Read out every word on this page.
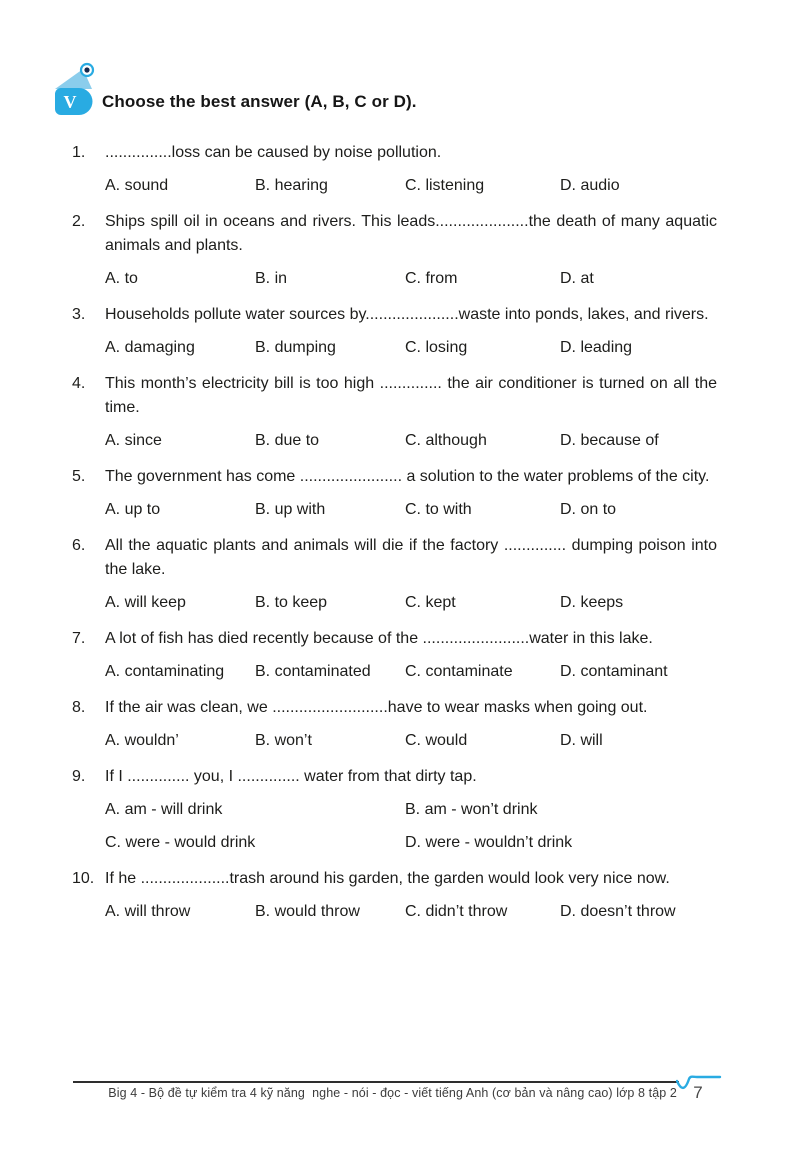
V Choose the best answer (A, B, C or D).
1.	...............loss can be caused by noise pollution.
A. sound	B. hearing	C. listening	D. audio
2.	Ships spill oil in oceans and rivers. This leads.....................the death of many aquatic animals and plants.
A. to	B. in	C. from	D. at
3.	Households pollute water sources by.....................waste into ponds, lakes, and rivers.
A. damaging	B. dumping	C. losing	D. leading
4.	This month’s electricity bill is too high .............. the air conditioner is turned on all the time.
A. since	B. due to	C. although	D. because of
5.	The government has come ....................... a solution to the water problems of the city.
A. up to	B. up with	C. to with	D. on to
6.	All the aquatic plants and animals will die if the factory .............. dumping poison into the lake.
A. will keep	B. to keep	C. kept	D. keeps
7.	A lot of fish has died recently because of the ........................water in this lake.
A. contaminating	B. contaminated	C. contaminate	D. contaminant
8.	If the air was clean, we ..........................have to wear masks when going out.
A. wouldn’	B. won’t	C. would	D. will
9.	If I .............. you, I .............. water from that dirty tap.
A. am - will drink	B. am - won’t drink
C. were - would drink	D. were - wouldn’t drink
10. If he ....................trash around his garden, the garden would look very nice now.
A. will throw	B. would throw	C. didn’t throw	D. doesn’t throw
Big 4 - Bộ đề tự kiểm tra 4 kỹ năng  nghe - nói - đọc - viết tiếng Anh (cơ bản và nâng cao) lớp 8 tập 2 7
